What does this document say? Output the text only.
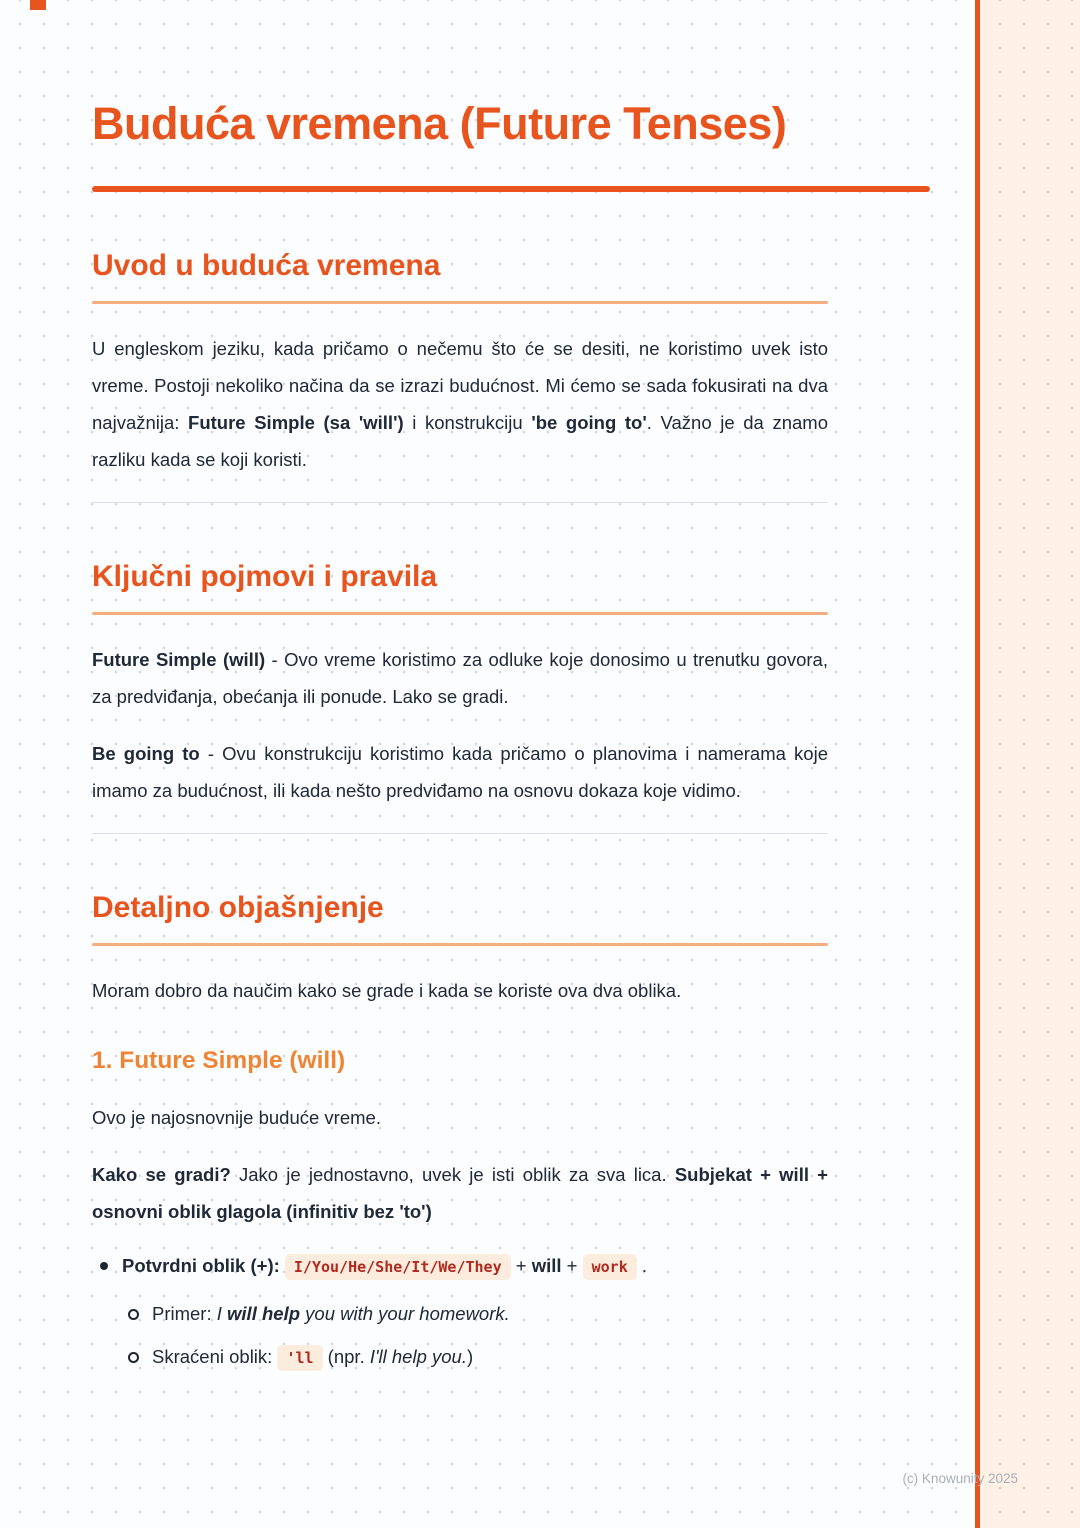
Buduća vremena (Future Tenses)
Uvod u buduća vremena

U engleskom jeziku, kada pričamo o nečemu što će se desiti, ne koristimo uvek isto vreme. Postoji nekoliko načina da se izrazi budućnost. Mi ćemo se sada fokusirati na dva najvažnija: Future Simple (sa 'will') i konstrukciju 'be going to'. Važno je da znamo razliku kada se koji koristi.

Ključni pojmovi i pravila

Future Simple (will) - Ovo vreme koristimo za odluke koje donosimo u trenutku govora, za predviđanja, obećanja ili ponude. Lako se gradi.

Be going to - Ovu konstrukciju koristimo kada pričamo o planovima i namerama koje imamo za budućnost, ili kada nešto predviđamo na osnovu dokaza koje vidimo.

Detaljno objašnjenje

Moram dobro da naučim kako se grade i kada se koriste ova dva oblika.

1. Future Simple (will)

Ovo je najosnovnije buduće vreme.

Kako se gradi? Jako je jednostavno, uvek je isti oblik za sva lica. Subjekat + will + osnovni oblik glagola (infinitiv bez 'to')

Potvrdni oblik (+): I/You/He/She/It/We/They + will + work .
Primer: I will help you with your homework.
Skraćeni oblik: 'll (npr. I'll help you.)
(c) Knowunity 2025
